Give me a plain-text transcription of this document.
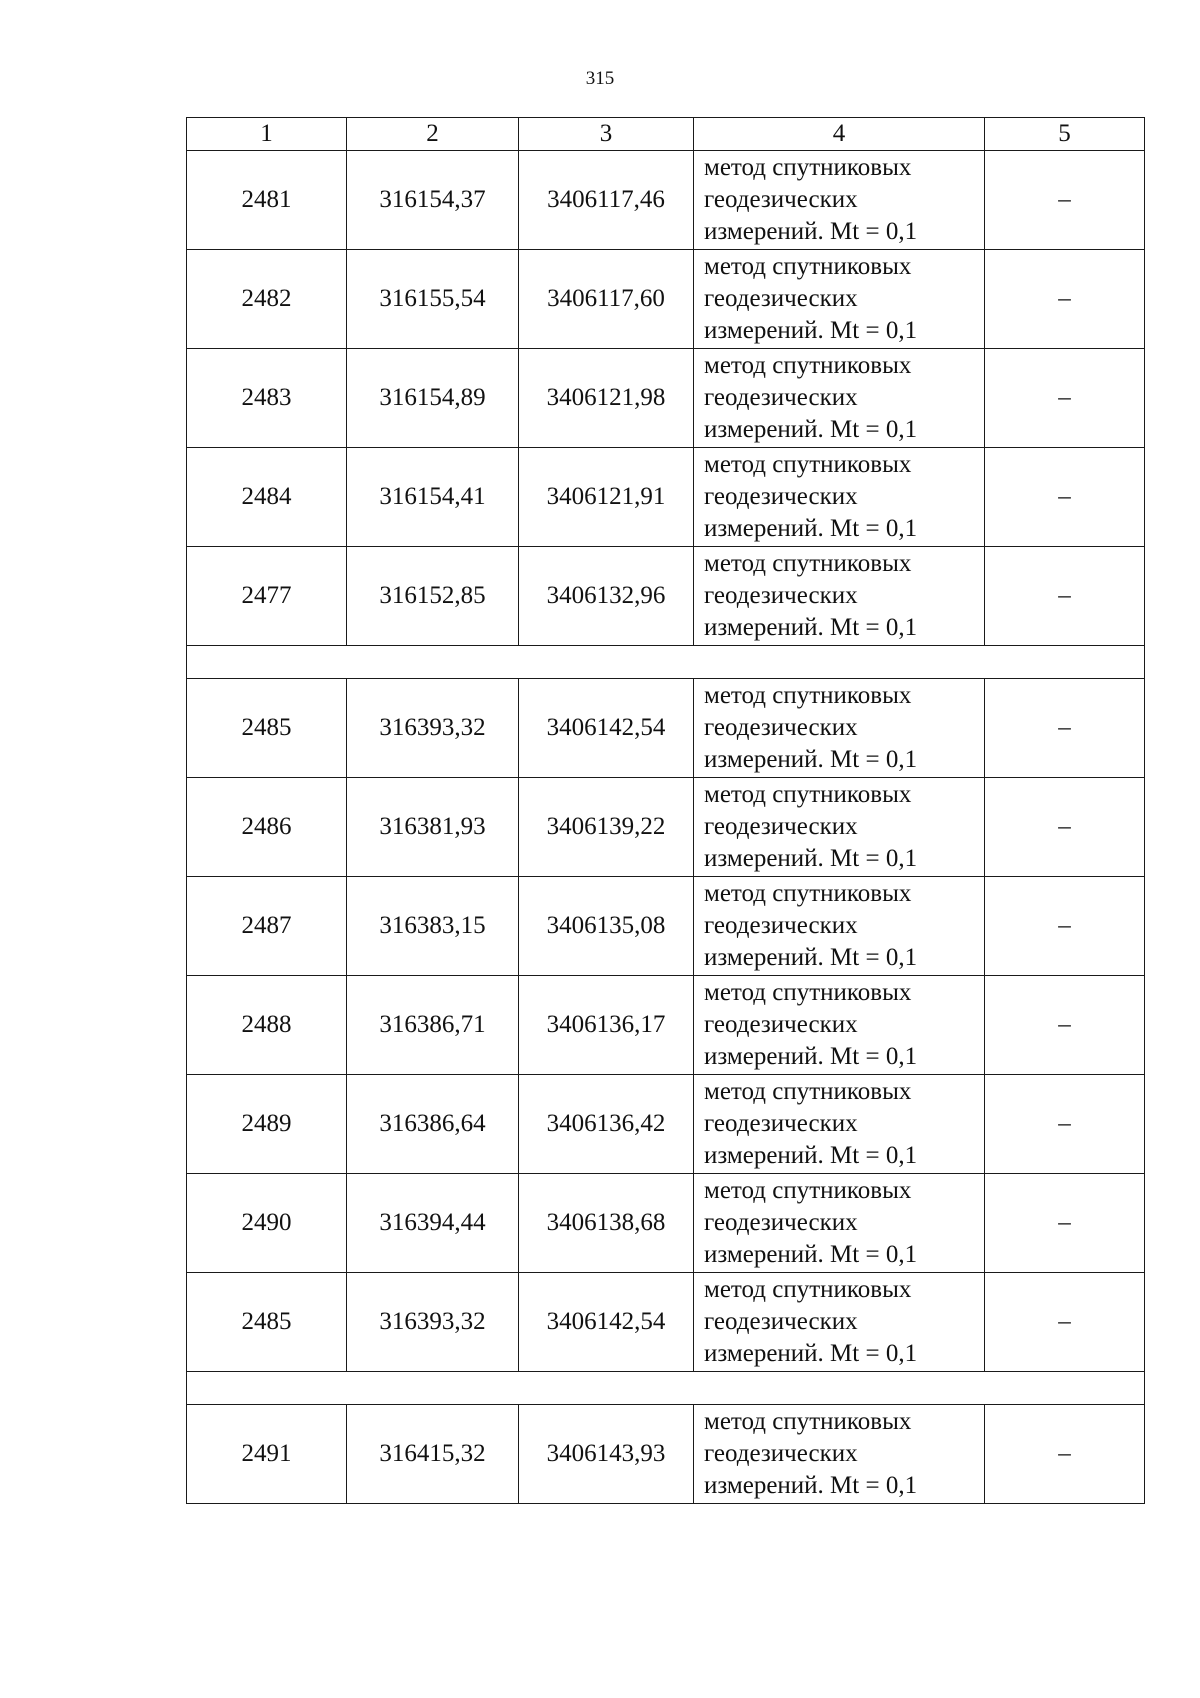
315
1	2	3	4	5
2481	316154,37	3406117,46	метод спутниковых
геодезических
измерений. Mt = 0,1	–
2482	316155,54	3406117,60	метод спутниковых
геодезических
измерений. Mt = 0,1	–
2483	316154,89	3406121,98	метод спутниковых
геодезических
измерений. Mt = 0,1	–
2484	316154,41	3406121,91	метод спутниковых
геодезических
измерений. Mt = 0,1	–
2477	316152,85	3406132,96	метод спутниковых
геодезических
измерений. Mt = 0,1	–

2485	316393,32	3406142,54	метод спутниковых
геодезических
измерений. Mt = 0,1	–
2486	316381,93	3406139,22	метод спутниковых
геодезических
измерений. Mt = 0,1	–
2487	316383,15	3406135,08	метод спутниковых
геодезических
измерений. Mt = 0,1	–
2488	316386,71	3406136,17	метод спутниковых
геодезических
измерений. Mt = 0,1	–
2489	316386,64	3406136,42	метод спутниковых
геодезических
измерений. Mt = 0,1	–
2490	316394,44	3406138,68	метод спутниковых
геодезических
измерений. Mt = 0,1	–
2485	316393,32	3406142,54	метод спутниковых
геодезических
измерений. Mt = 0,1	–

2491	316415,32	3406143,93	метод спутниковых
геодезических
измерений. Mt = 0,1	–
